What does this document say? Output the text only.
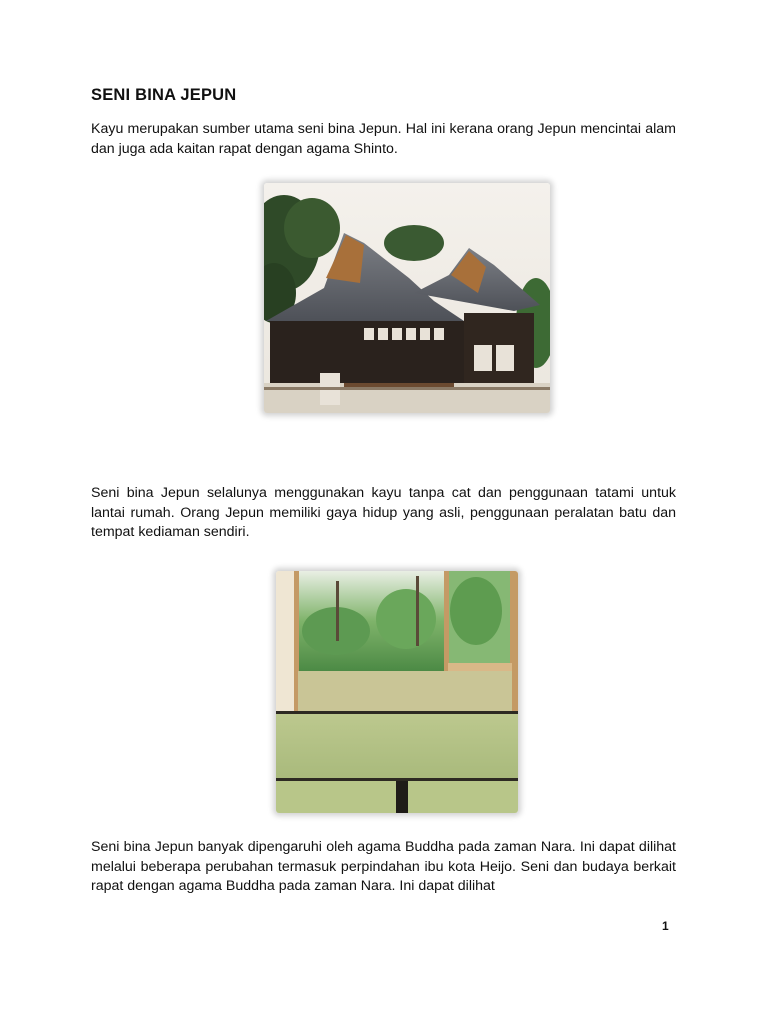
SENI BINA JEPUN

Kayu merupakan sumber utama seni bina Jepun. Hal ini kerana orang Jepun mencintai alam dan juga ada kaitan rapat dengan agama Shinto.

Seni bina Jepun selalunya menggunakan kayu tanpa cat dan penggunaan tatami untuk lantai rumah. Orang Jepun memiliki gaya hidup yang asli, penggunaan peralatan batu dan tempat kediaman sendiri.

Seni bina Jepun banyak dipengaruhi oleh agama Buddha pada zaman Nara. Ini dapat dilihat melalui beberapa perubahan termasuk perpindahan ibu kota Heijo. Seni dan budaya berkait rapat dengan agama Buddha pada zaman Nara. Ini dapat dilihat

1
